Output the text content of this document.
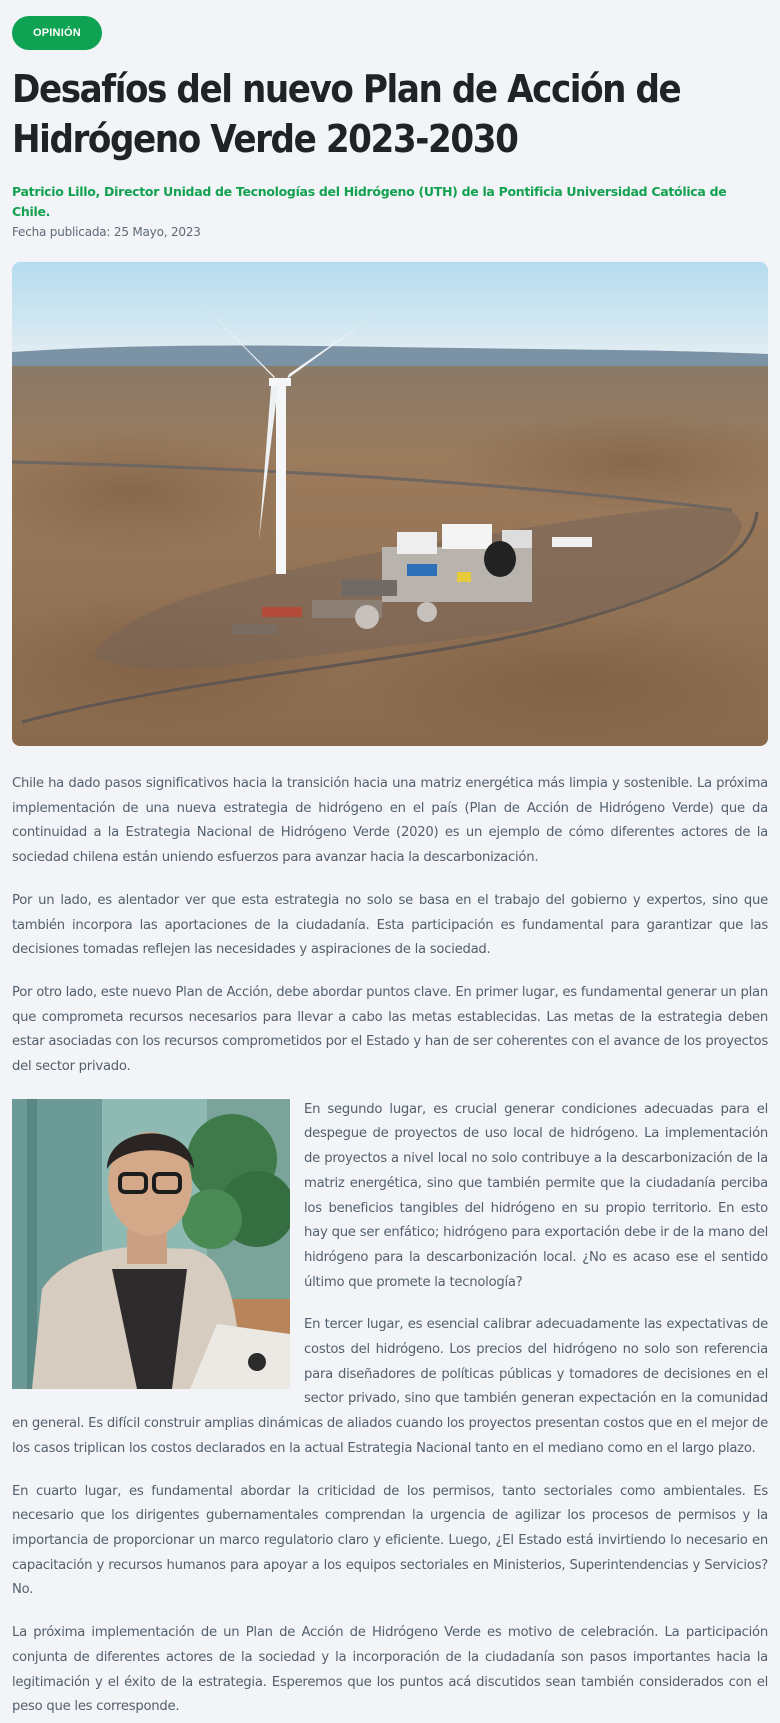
OPINIÓN
Desafíos del nuevo Plan de Acción de Hidrógeno Verde 2023-2030
Patricio Lillo, Director Unidad de Tecnologías del Hidrógeno (UTH) de la Pontificia Universidad Católica de Chile.
Fecha publicada: 25 Mayo, 2023

Chile ha dado pasos significativos hacia la transición hacia una matriz energética más limpia y sostenible. La próxima implementación de una nueva estrategia de hidrógeno en el país (Plan de Acción de Hidrógeno Verde) que da continuidad a la Estrategia Nacional de Hidrógeno Verde (2020) es un ejemplo de cómo diferentes actores de la sociedad chilena están uniendo esfuerzos para avanzar hacia la descarbonización.

Por un lado, es alentador ver que esta estrategia no solo se basa en el trabajo del gobierno y expertos, sino que también incorpora las aportaciones de la ciudadanía. Esta participación es fundamental para garantizar que las decisiones tomadas reflejen las necesidades y aspiraciones de la sociedad.

Por otro lado, este nuevo Plan de Acción, debe abordar puntos clave. En primer lugar, es fundamental generar un plan que comprometa recursos necesarios para llevar a cabo las metas establecidas. Las metas de la estrategia deben estar asociadas con los recursos comprometidos por el Estado y han de ser coherentes con el avance de los proyectos del sector privado.

En segundo lugar, es crucial generar condiciones adecuadas para el despegue de proyectos de uso local de hidrógeno. La implementación de proyectos a nivel local no solo contribuye a la descarbonización de la matriz energética, sino que también permite que la ciudadanía perciba los beneficios tangibles del hidrógeno en su propio territorio. En esto hay que ser enfático; hidrógeno para exportación debe ir de la mano del hidrógeno para la descarbonización local. ¿No es acaso ese el sentido último que promete la tecnología?

En tercer lugar, es esencial calibrar adecuadamente las expectativas de costos del hidrógeno. Los precios del hidrógeno no solo son referencia para diseñadores de políticas públicas y tomadores de decisiones en el sector privado, sino que también generan expectación en la comunidad en general. Es difícil construir amplias dinámicas de aliados cuando los proyectos presentan costos que en el mejor de los casos triplican los costos declarados en la actual Estrategia Nacional tanto en el mediano como en el largo plazo.

En cuarto lugar, es fundamental abordar la criticidad de los permisos, tanto sectoriales como ambientales. Es necesario que los dirigentes gubernamentales comprendan la urgencia de agilizar los procesos de permisos y la importancia de proporcionar un marco regulatorio claro y eficiente. Luego, ¿El Estado está invirtiendo lo necesario en capacitación y recursos humanos para apoyar a los equipos sectoriales en Ministerios, Superintendencias y Servicios? No.

La próxima implementación de un Plan de Acción de Hidrógeno Verde es motivo de celebración. La participación conjunta de diferentes actores de la sociedad y la incorporación de la ciudadanía son pasos importantes hacia la legitimación y el éxito de la estrategia. Esperemos que los puntos acá discutidos sean también considerados con el peso que les corresponde.
